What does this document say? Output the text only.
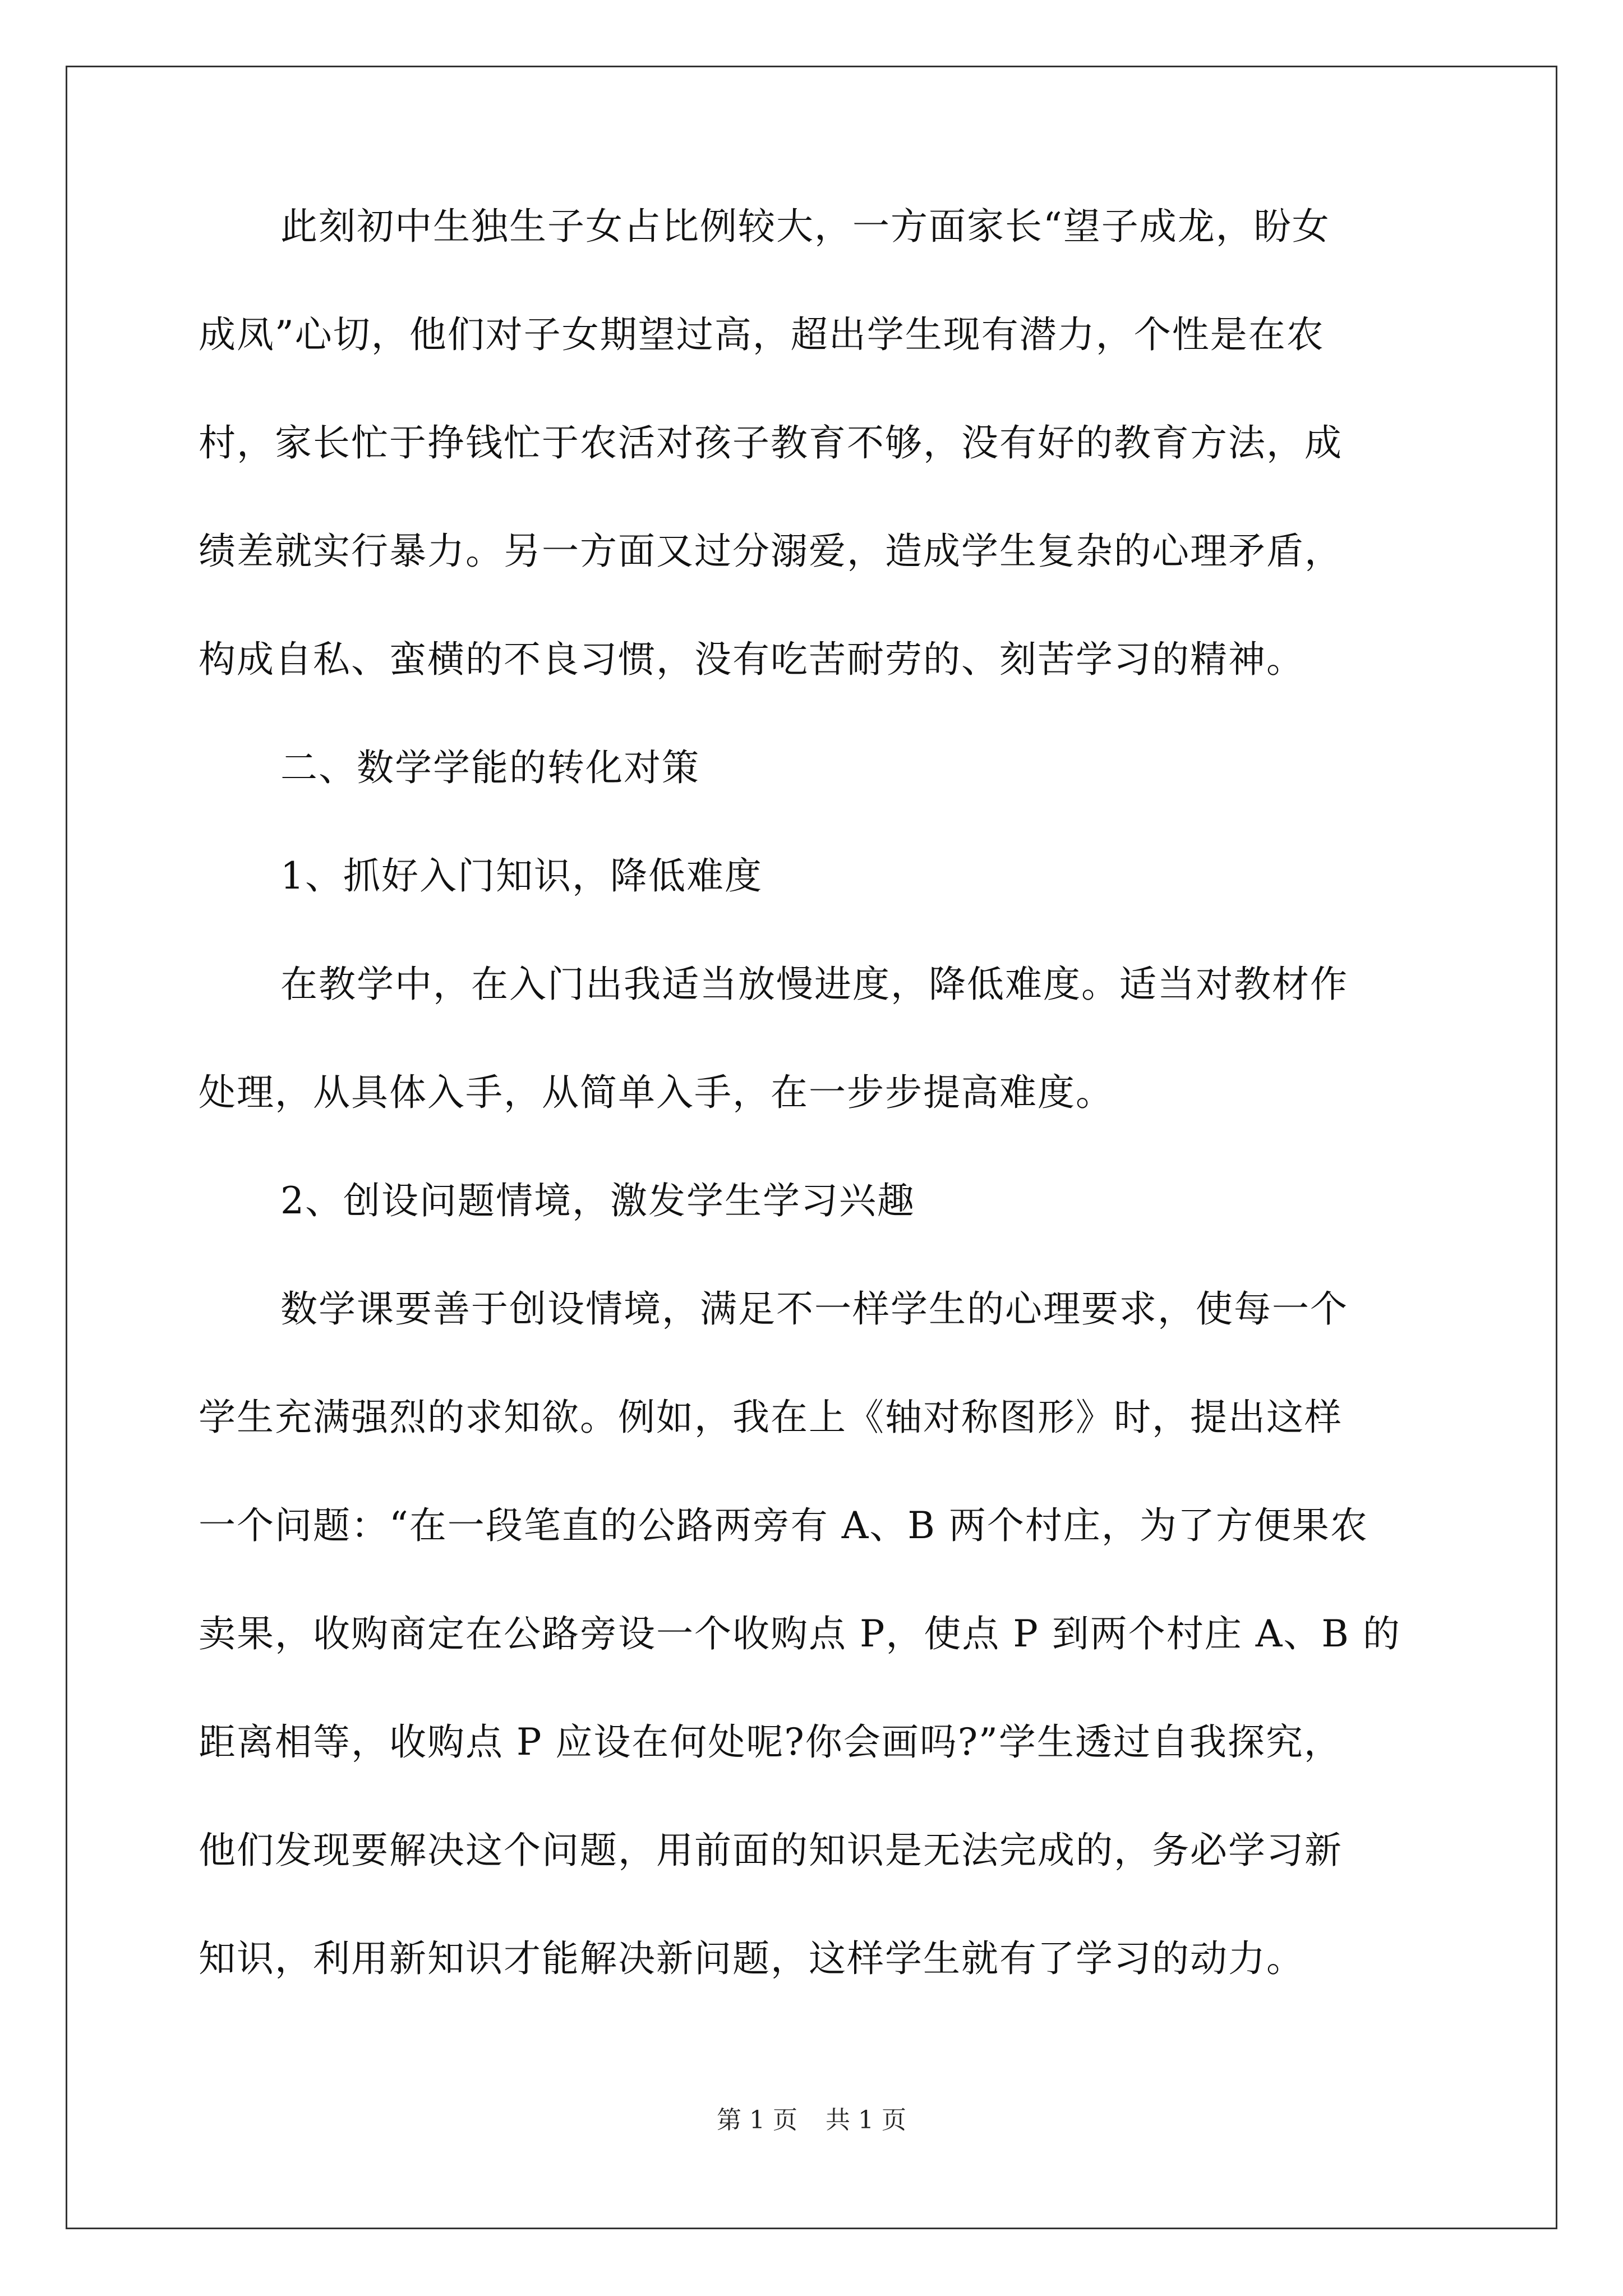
此刻初中生独生子女占比例较大，一方面家长“望子成龙，盼女
成凤”心切，他们对子女期望过高，超出学生现有潜力，个性是在农
村，家长忙于挣钱忙于农活对孩子教育不够，没有好的教育方法，成
绩差就实行暴力。另一方面又过分溺爱，造成学生复杂的心理矛盾，
构成自私、蛮横的不良习惯，没有吃苦耐劳的、刻苦学习的精神。
二、数学学能的转化对策
1、抓好入门知识，降低难度
在教学中，在入门出我适当放慢进度，降低难度。适当对教材作
处理，从具体入手，从简单入手，在一步步提高难度。
2、创设问题情境，激发学生学习兴趣
数学课要善于创设情境，满足不一样学生的心理要求，使每一个
学生充满强烈的求知欲。例如，我在上《轴对称图形》时，提出这样
一个问题：“在一段笔直的公路两旁有 A、B 两个村庄，为了方便果农
卖果，收购商定在公路旁设一个收购点 P，使点 P 到两个村庄 A、B 的
距离相等，收购点 P 应设在何处呢?你会画吗?”学生透过自我探究，
他们发现要解决这个问题，用前面的知识是无法完成的，务必学习新
知识，利用新知识才能解决新问题，这样学生就有了学习的动力。
第 1 页 共 1 页
